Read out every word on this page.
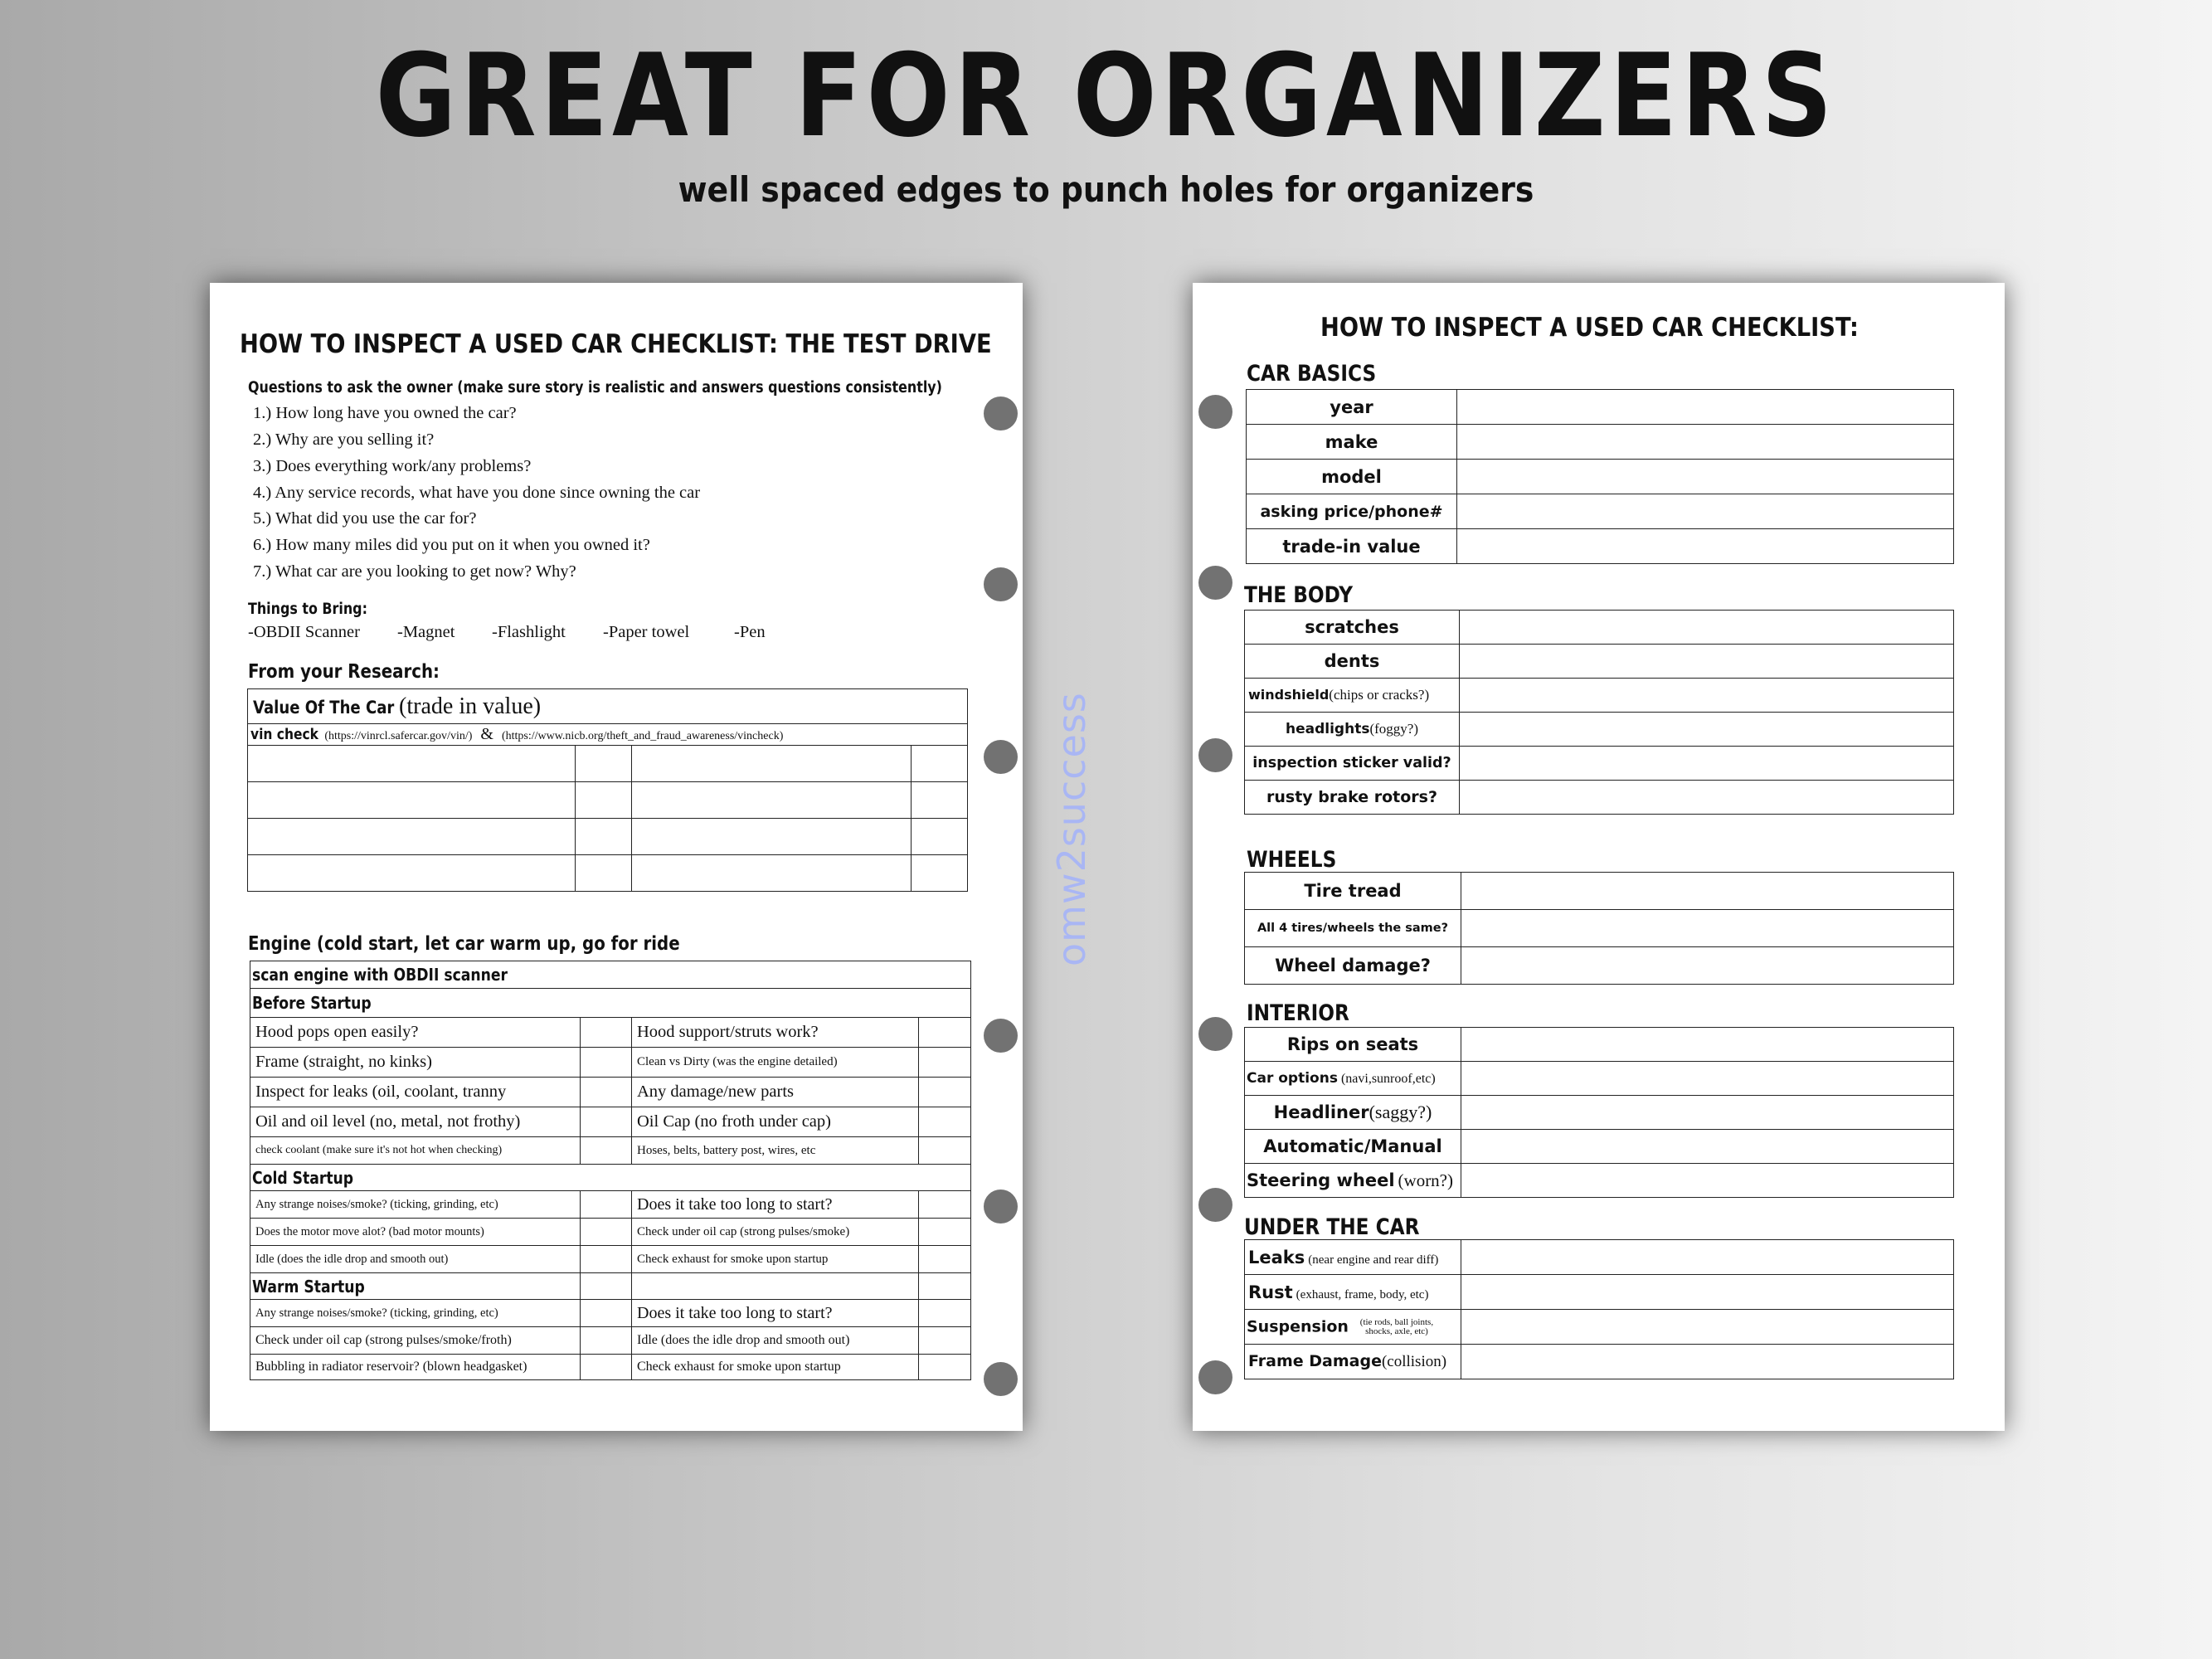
GREAT FOR ORGANIZERS
well spaced edges to punch holes for organizers
omw2success
HOW TO INSPECT A USED CAR CHECKLIST: THE TEST DRIVE
Questions to ask the owner (make sure story is realistic and answers questions consistently)
1.) How long have you owned the car?
2.) Why are you selling it?
3.) Does everything work/any problems?
4.) Any service records, what have you done since owning the car
5.) What did you use the car for?
6.) How many miles did you put on it when you owned it?
7.) What car are you looking to get now? Why?
Things to Bring:
-OBDII Scanner -Magnet -Flashlight -Paper towel	-Pen
From your Research:
Value Of The Car (trade in value)			
vin check (https://vinrcl.safercar.gov/vin/) & (https://www.nicb.org/theft_and_fraud_awareness/vincheck)			

Engine (cold start, let car warm up, go for ride
scan engine with OBDII scanner			
Before Startup			
Hood pops open easily?		Hood support/struts work?	
Frame (straight, no kinks)		Clean vs Dirty (was the engine detailed)	
Inspect for leaks (oil, coolant, tranny		Any damage/new parts	
Oil and oil level (no, metal, not frothy)		Oil Cap (no froth under cap)	
check coolant (make sure it's not hot when checking)		Hoses, belts, battery post, wires, etc	
Cold Startup			
Any strange noises/smoke? (ticking, grinding, etc)		Does it take too long to start?	
Does the motor move alot? (bad motor mounts)		Check under oil cap (strong pulses/smoke)	
Idle (does the idle drop and smooth out)		Check exhaust for smoke upon startup	
Warm Startup			
Any strange noises/smoke? (ticking, grinding, etc)		Does it take too long to start?	
Check under oil cap (strong pulses/smoke/froth)		Idle (does the idle drop and smooth out)	
Bubbling in radiator reservoir? (blown headgasket)		Check exhaust for smoke upon startup	
HOW TO INSPECT A USED CAR CHECKLIST:
CAR BASICS
year	
make	
model	
asking price/phone#	
trade-in value	
THE BODY
scratches	
dents	
windshield(chips or cracks?)	
headlights(foggy?)	
inspection sticker valid?	
rusty brake rotors?	
WHEELS
Tire tread	
All 4 tires/wheels the same?	
Wheel damage?	
INTERIOR
Rips on seats	
Car options (navi,sunroof,etc)	
Headliner(saggy?)	
Automatic/Manual	
Steering wheel (worn?)	
UNDER THE CAR
Leaks (near engine and rear diff)	
Rust (exhaust, frame, body, etc)	
Suspension (tie rods, ball joints, shocks, axle, etc)	
Frame Damage(collision)	
